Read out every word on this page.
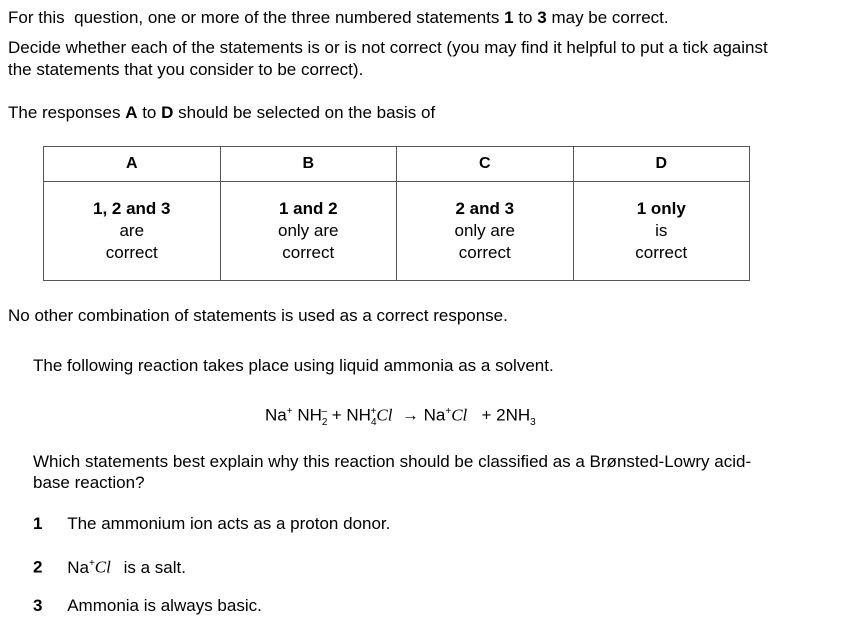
For this question, one or more of the three numbered statements 1 to 3 may be correct.
Decide whether each of the statements is or is not correct (you may find it helpful to put a tick against
the statements that you consider to be correct).
The responses A to D should be selected on the basis of
A	B	C	D

1, 2 and 3
are
correct	1 and 2
only are
correct	2 and 3
only are
correct	1 only
is
correct
No other combination of statements is used as a correct response.
The following reaction takes place using liquid ammonia as a solvent.
Na+ $NH_2^- + NH_4^+Cl \to Na^+Cl + 2NH_3$
Which statements best explain why this reaction should be classified as a Brønsted-Lowry acid-
base reaction?
1 The ammonium ion acts as a proton donor.
2 Na+Cl is a salt.
3 Ammonia is always basic.
